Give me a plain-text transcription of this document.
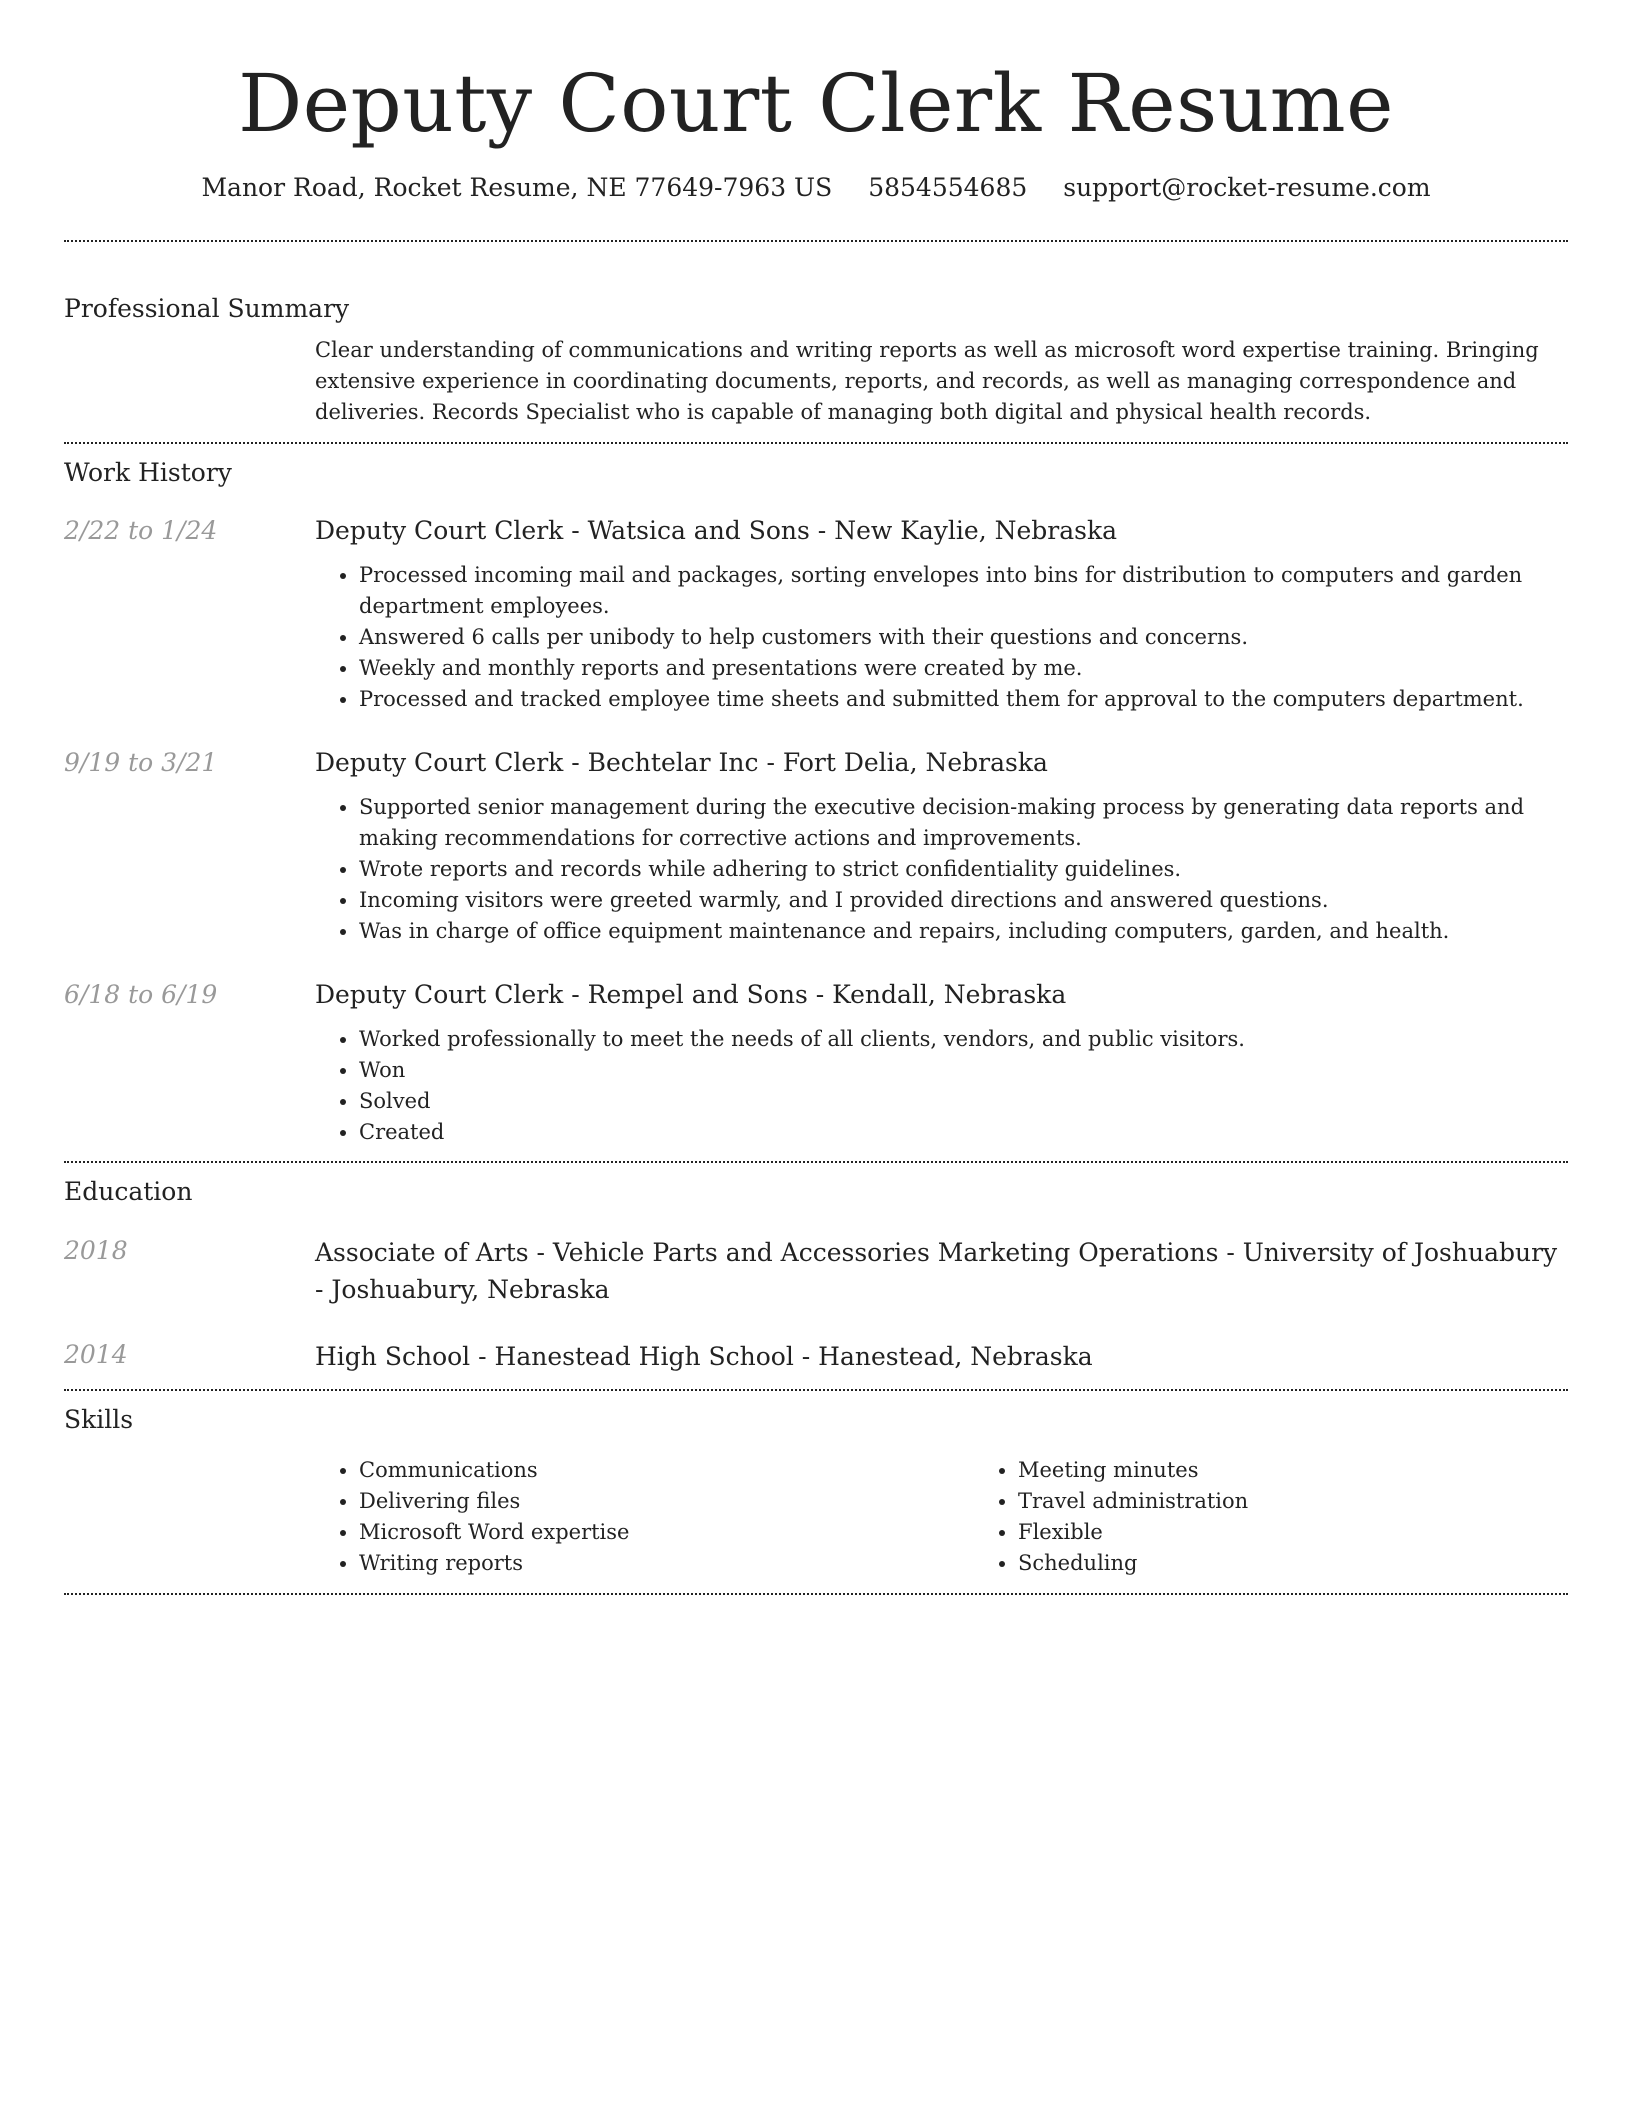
Deputy Court Clerk Resume
Manor Road, Rocket Resume, NE 77649-7963 US 5854554685 support@rocket-resume.com
Professional Summary

Clear understanding of communications and writing reports as well as microsoft word expertise training. Bringing extensive experience in coordinating documents, reports, and records, as well as managing correspondence and deliveries. Records Specialist who is capable of managing both digital and physical health records.

Work History
2/22 to 1/24	Deputy Court Clerk - Watsica and Sons - New Kaylie, Nebraska

• Processed incoming mail and packages, sorting envelopes into bins for distribution to computers and garden department employees.
• Answered 6 calls per unibody to help customers with their questions and concerns.
• Weekly and monthly reports and presentations were created by me.
• Processed and tracked employee time sheets and submitted them for approval to the computers department.
9/19 to 3/21	Deputy Court Clerk - Bechtelar Inc - Fort Delia, Nebraska

• Supported senior management during the executive decision-making process by generating data reports and making recommendations for corrective actions and improvements.
• Wrote reports and records while adhering to strict confidentiality guidelines.
• Incoming visitors were greeted warmly, and I provided directions and answered questions.
• Was in charge of office equipment maintenance and repairs, including computers, garden, and health.
6/18 to 6/19	Deputy Court Clerk - Rempel and Sons - Kendall, Nebraska

• Worked professionally to meet the needs of all clients, vendors, and public visitors.
• Won
• Solved
• Created
Education
2018	Associate of Arts - Vehicle Parts and Accessories Marketing Operations - University of Joshuabury - Joshuabury, Nebraska

2014	High School - Hanestead High School - Hanestead, Nebraska

Skills
• Communications
• Delivering files
• Microsoft Word expertise
• Writing reports
• Meeting minutes
• Travel administration
• Flexible
• Scheduling
